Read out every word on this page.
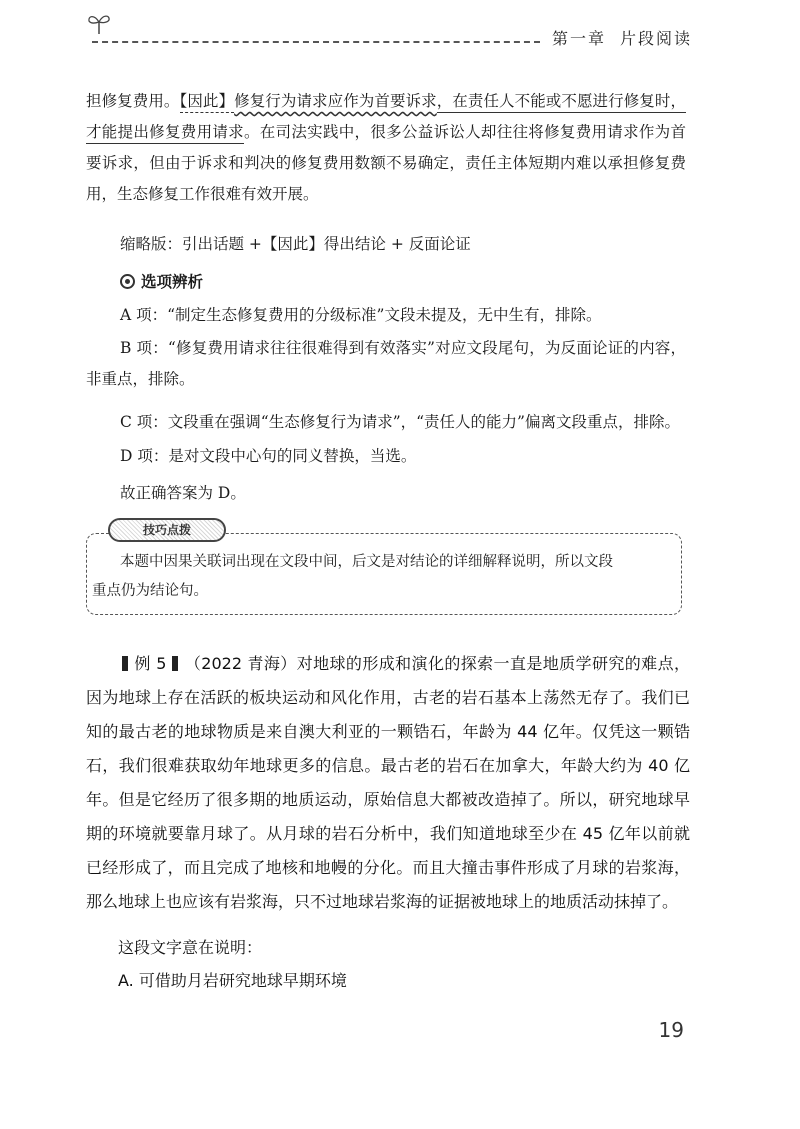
第一章 片段阅读

担修复费用。【因此】修复行为请求应作为首要诉求，在责任人不能或不愿进行修复时，才能提出修复费用请求。在司法实践中，很多公益诉讼人却往往将修复费用请求作为首要诉求，但由于诉求和判决的修复费用数额不易确定，责任主体短期内难以承担修复费用，生态修复工作很难有效开展。

缩略版：引出话题 +【因此】得出结论 + 反面论证

选项辨析

A 项：“制定生态修复费用的分级标准”文段未提及，无中生有，排除。

B 项：“修复费用请求往往很难得到有效落实”对应文段尾句，为反面论证的内容，非重点，排除。

C 项：文段重在强调“生态修复行为请求”，“责任人的能力”偏离文段重点，排除。

D 项：是对文段中心句的同义替换，当选。

故正确答案为 D。

技巧点拨

本题中因果关联词出现在文段中间，后文是对结论的详细解释说明，所以文段
重点仍为结论句。

例 5 （2022 青海）对地球的形成和演化的探索一直是地质学研究的难点，因为地球上存在活跃的板块运动和风化作用，古老的岩石基本上荡然无存了。我们已知的最古老的地球物质是来自澳大利亚的一颗锆石，年龄为 44 亿年。仅凭这一颗锆石，我们很难获取幼年地球更多的信息。最古老的岩石在加拿大，年龄大约为 40 亿年。但是它经历了很多期的地质运动，原始信息大都被改造掉了。所以，研究地球早期的环境就要靠月球了。从月球的岩石分析中，我们知道地球至少在 45 亿年以前就已经形成了，而且完成了地核和地幔的分化。而且大撞击事件形成了月球的岩浆海，那么地球上也应该有岩浆海，只不过地球岩浆海的证据被地球上的地质活动抹掉了。

这段文字意在说明：

A. 可借助月岩研究地球早期环境

19
